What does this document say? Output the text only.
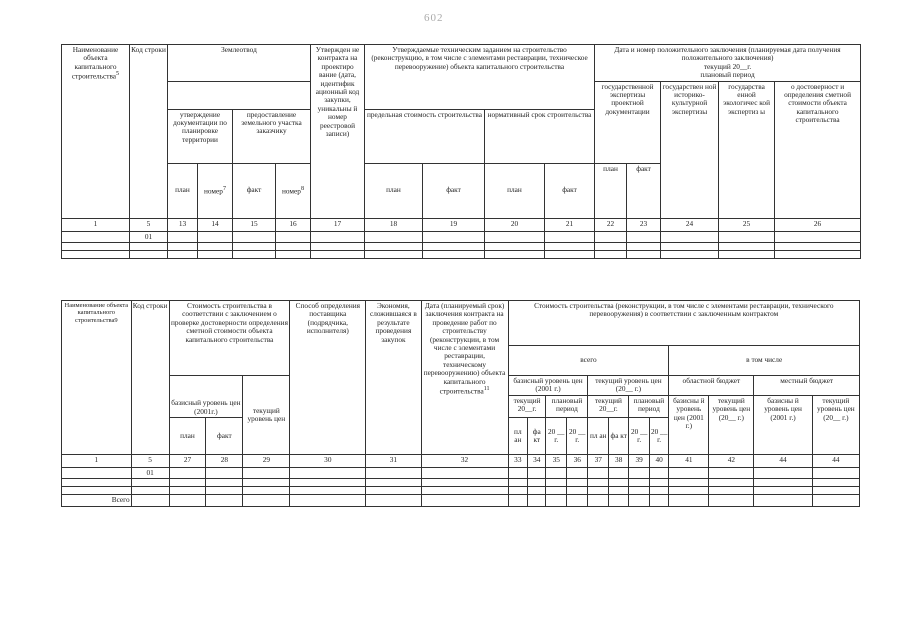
602
Наименование объекта капитального строительства$^5$	Код строки	Землеотвод				Утвержден не контракта на проектиро вание (дата, идентифик ационный код закупки, уникальны й номер реестровой записи)	Утверждаемые техническим заданием на строительство (реконструкцию, в том числе с элементами реставрации, техническое перевооружение) объекта капитального строительства				Дата и номер положительного заключения (планируемая дата получения положительного заключения)
текущий 20__г.
плановый период				

											государственной экспертизы проектной документации		государствен ной историко-культурной экспертизы	государства енной экологичес кой экспертиз ы	о достоверност и определения сметной стоимости объекта капитального строительства
		утверждение документации по планировке территории		предоставление земельного участка заказчику			предельная стоимость строительства		нормативный срок строительства						
		план	номер$^7$	факт	номер$^8$		план	факт	план	факт	план	факт			
1	5	13	14	15	16	17	18	19	20	21	22	23	24	25	26
	01														

Наименование объекта капитального строительства9	Код строки	Стоимость строительства в соответствии с заключением о проверке достоверности определения сметной стоимости объекта капитального строительства			Способ определения поставщика (подрядчика, исполнителя)	Экономия, сложившаяся в результате проведения закупок	Дата (планируемый срок) заключения контракта на проведение работ по строительству (реконструкции, в том числе с элементами реставрации, техническому перевооружению) объекта капитального строительства$^{11}$	Стоимость строительства (реконструкции, в том числе с элементами реставрации, технического перевооружения) в соответствии с заключенным контрактом											
								всего								в том числе			
		базисный уровень цен (2001г.)		текущий уровень цен				базисный уровень цен (2001 г.)				текущий уровень цен (20__ г.)				областной бюджет		местный бюджет	
								текущий 20__г.		плановый период		текущий 20__г.		плановый период		базисны й уровень цен (2001 г.)	текущий уровень цен (20__ г.)	базисны й уровень цен (2001 г.)	текущий уровень цен (20__ г.)
		план	факт					пл ан	фа кт	20 __ г.	20 __ г.	пл ан	фа кт	20 __ г.	20 __ г.				
1	5	27	28	29	30	31	32	33	34	35	36	37	38	39	40	41	42	44	44
	01																		

Всего																			
